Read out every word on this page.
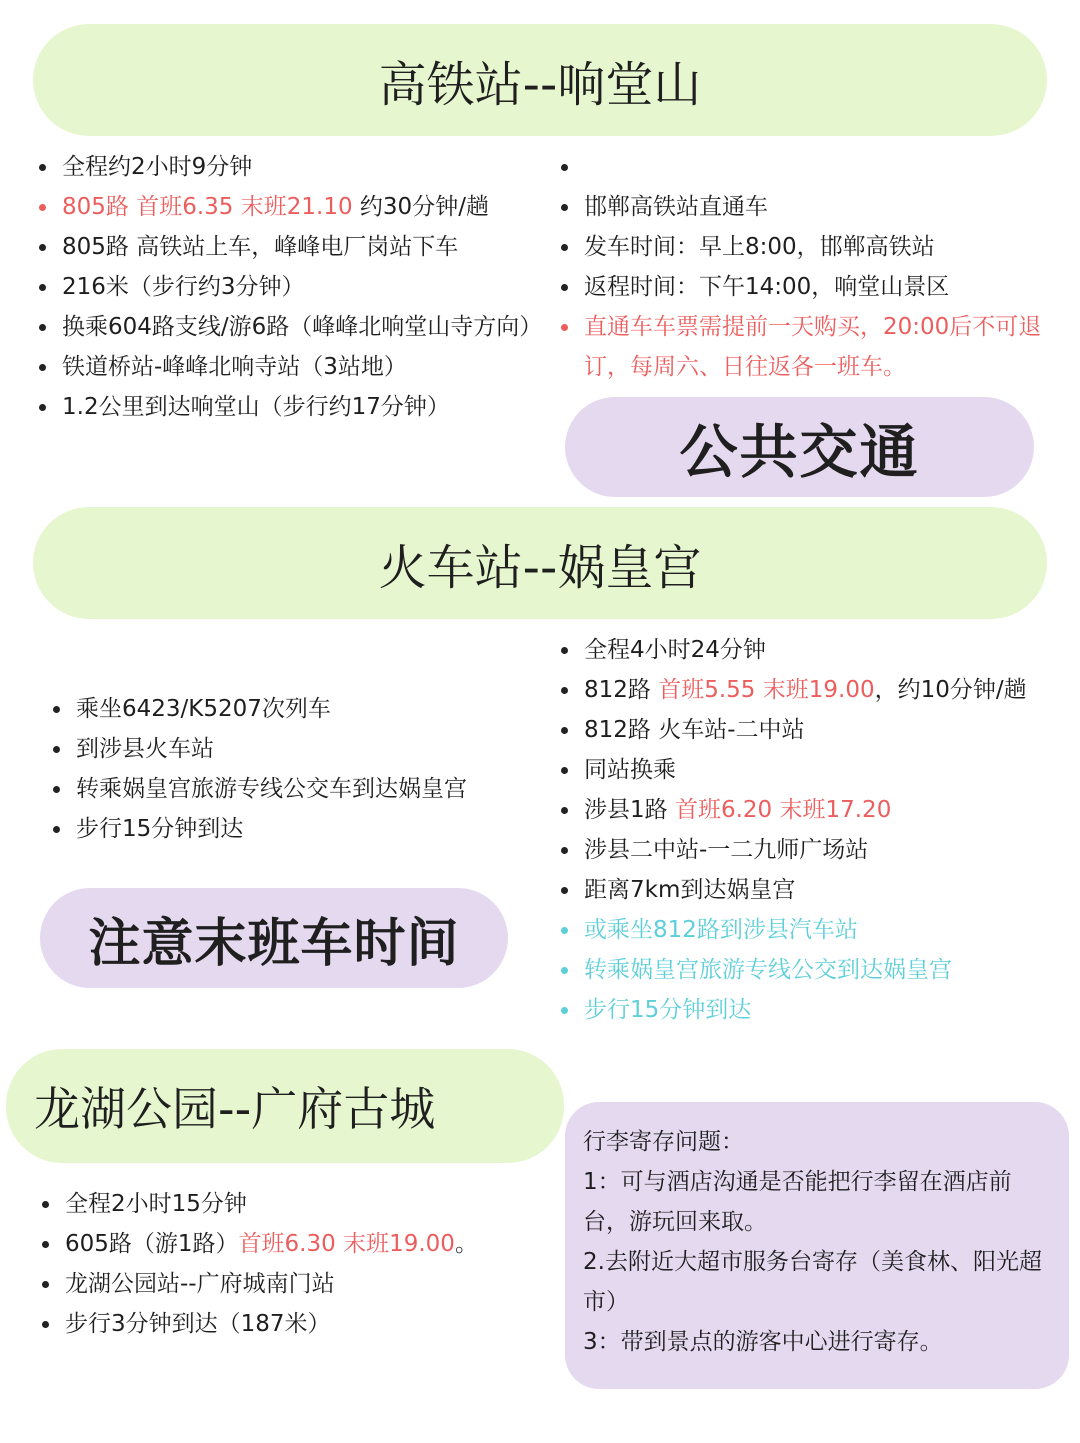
高铁站--响堂山
全程约2小时9分钟
805路 首班6.35 末班21.10 约30分钟/趟
805路 高铁站上车，峰峰电厂岗站下车
216米（步行约3分钟）
换乘604路支线/游6路（峰峰北响堂山寺方向）
铁道桥站-峰峰北响寺站（3站地）
1.2公里到达响堂山（步行约17分钟）
邯郸高铁站直通车
发车时间：早上8:00，邯郸高铁站
返程时间：下午14:00，响堂山景区
直通车车票需提前一天购买，20:00后不可退订，每周六、日往返各一班车。
公共交通
火车站--娲皇宫
乘坐6423/K5207次列车
到涉县火车站
转乘娲皇宫旅游专线公交车到达娲皇宫
步行15分钟到达
全程4小时24分钟
812路 首班5.55 末班19.00，约10分钟/趟
812路 火车站-二中站
同站换乘
涉县1路 首班6.20 末班17.20
涉县二中站-一二九师广场站
距离7km到达娲皇宫
或乘坐812路到涉县汽车站
转乘娲皇宫旅游专线公交到达娲皇宫
步行15分钟到达
注意末班车时间
龙湖公园--广府古城
全程2小时15分钟
605路（游1路）首班6.30 末班19.00。
龙湖公园站--广府城南门站
步行3分钟到达（187米）

行李寄存问题：

1：可与酒店沟通是否能把行李留在酒店前台，游玩回来取。

2.去附近大超市服务台寄存（美食林、阳光超市）

3：带到景点的游客中心进行寄存。
